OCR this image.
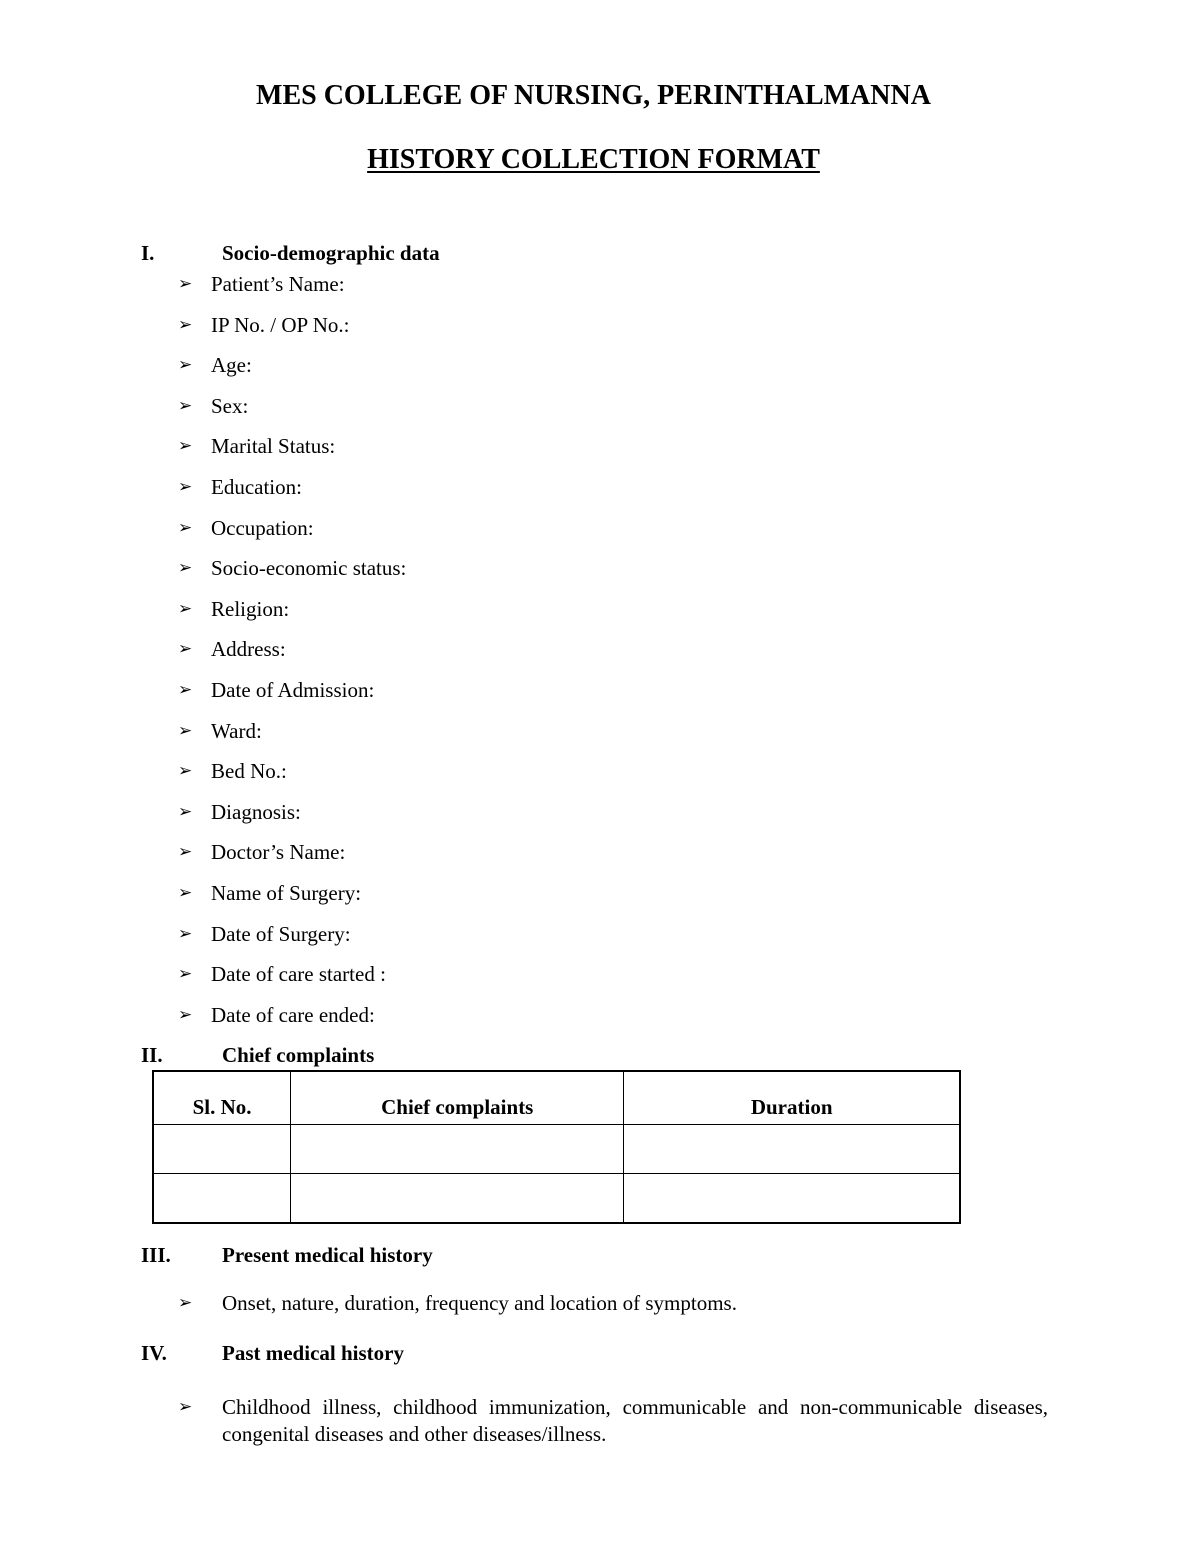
MES COLLEGE OF NURSING, PERINTHALMANNA
HISTORY COLLECTION FORMAT
I.	Socio-demographic data
➢ Patient’s Name:
➢ IP No. / OP No.:
➢ Age:
➢ Sex:
➢ Marital Status:
➢ Education:
➢ Occupation:
➢ Socio-economic status:
➢ Religion:
➢ Address:
➢ Date of Admission:
➢ Ward:
➢ Bed No.:
➢ Diagnosis:
➢ Doctor’s Name:
➢ Name of Surgery:
➢ Date of Surgery:
➢ Date of care started :
➢ Date of care ended:
II.	Chief complaints
Sl. No.	Chief complaints	Duration

III. Present medical history
➢	Onset, nature, duration, frequency and location of symptoms.
IV.	Past medical history
➢	Childhood illness, childhood immunization, communicable and non-communicable diseases, congenital diseases and other diseases/illness.
